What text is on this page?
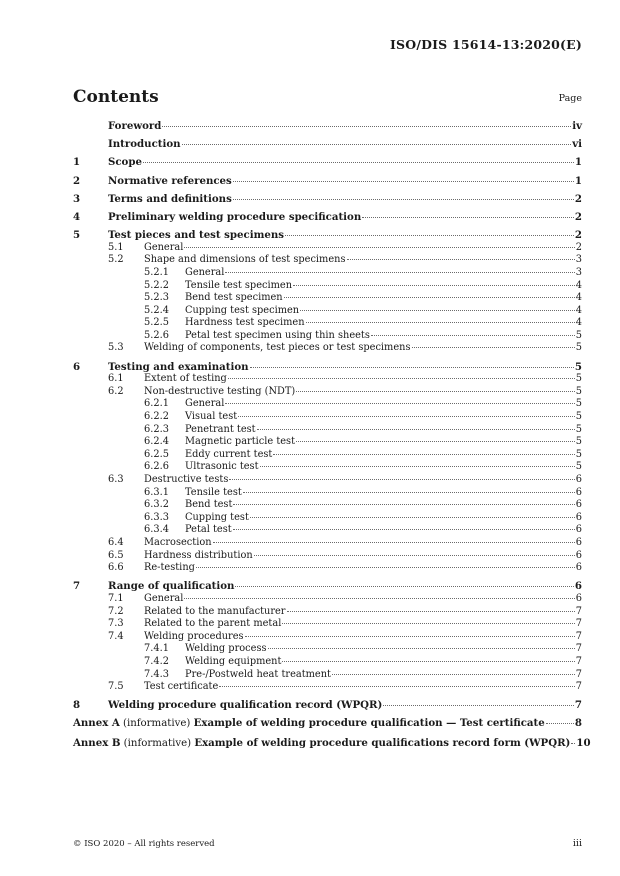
ISO/DIS 15614-13:2020(E)
Contents	Page
Foreword	iv
Introduction	vi
1	Scope	1
2	Normative references	1
3	Terms and definitions	2
4	Preliminary welding procedure specification	2
5	Test pieces and test specimens	2
5.1	General	2
5.2	Shape and dimensions of test specimens	3
5.2.1	General	3
5.2.2	Tensile test specimen	4
5.2.3	Bend test specimen	4
5.2.4	Cupping test specimen	4
5.2.5	Hardness test specimen	4
5.2.6	Petal test specimen using thin sheets	5
5.3	Welding of components, test pieces or test specimens	5
6	Testing and examination	5
6.1	Extent of testing	5
6.2	Non-destructive testing (NDT)	5
6.2.1	General	5
6.2.2	Visual test	5
6.2.3	Penetrant test	5
6.2.4	Magnetic particle test	5
6.2.5	Eddy current test	5
6.2.6	Ultrasonic test	5
6.3	Destructive tests	6
6.3.1	Tensile test	6
6.3.2	Bend test	6
6.3.3	Cupping test	6
6.3.4	Petal test	6
6.4	Macrosection	6
6.5	Hardness distribution	6
6.6	Re-testing	6
7	Range of qualification	6
7.1	General	6
7.2	Related to the manufacturer	7
7.3	Related to the parent metal	7
7.4	Welding procedures	7
7.4.1	Welding process	7
7.4.2	Welding equipment	7
7.4.3	Pre-/Postweld heat treatment	7
7.5	Test certificate	7
8	Welding procedure qualification record (WPQR)	7
Annex A (informative) Example of welding procedure qualification — Test certificate	8
Annex B (informative) Example of welding procedure qualifications record form (WPQR) 10
© ISO 2020 – All rights reserved	iii
